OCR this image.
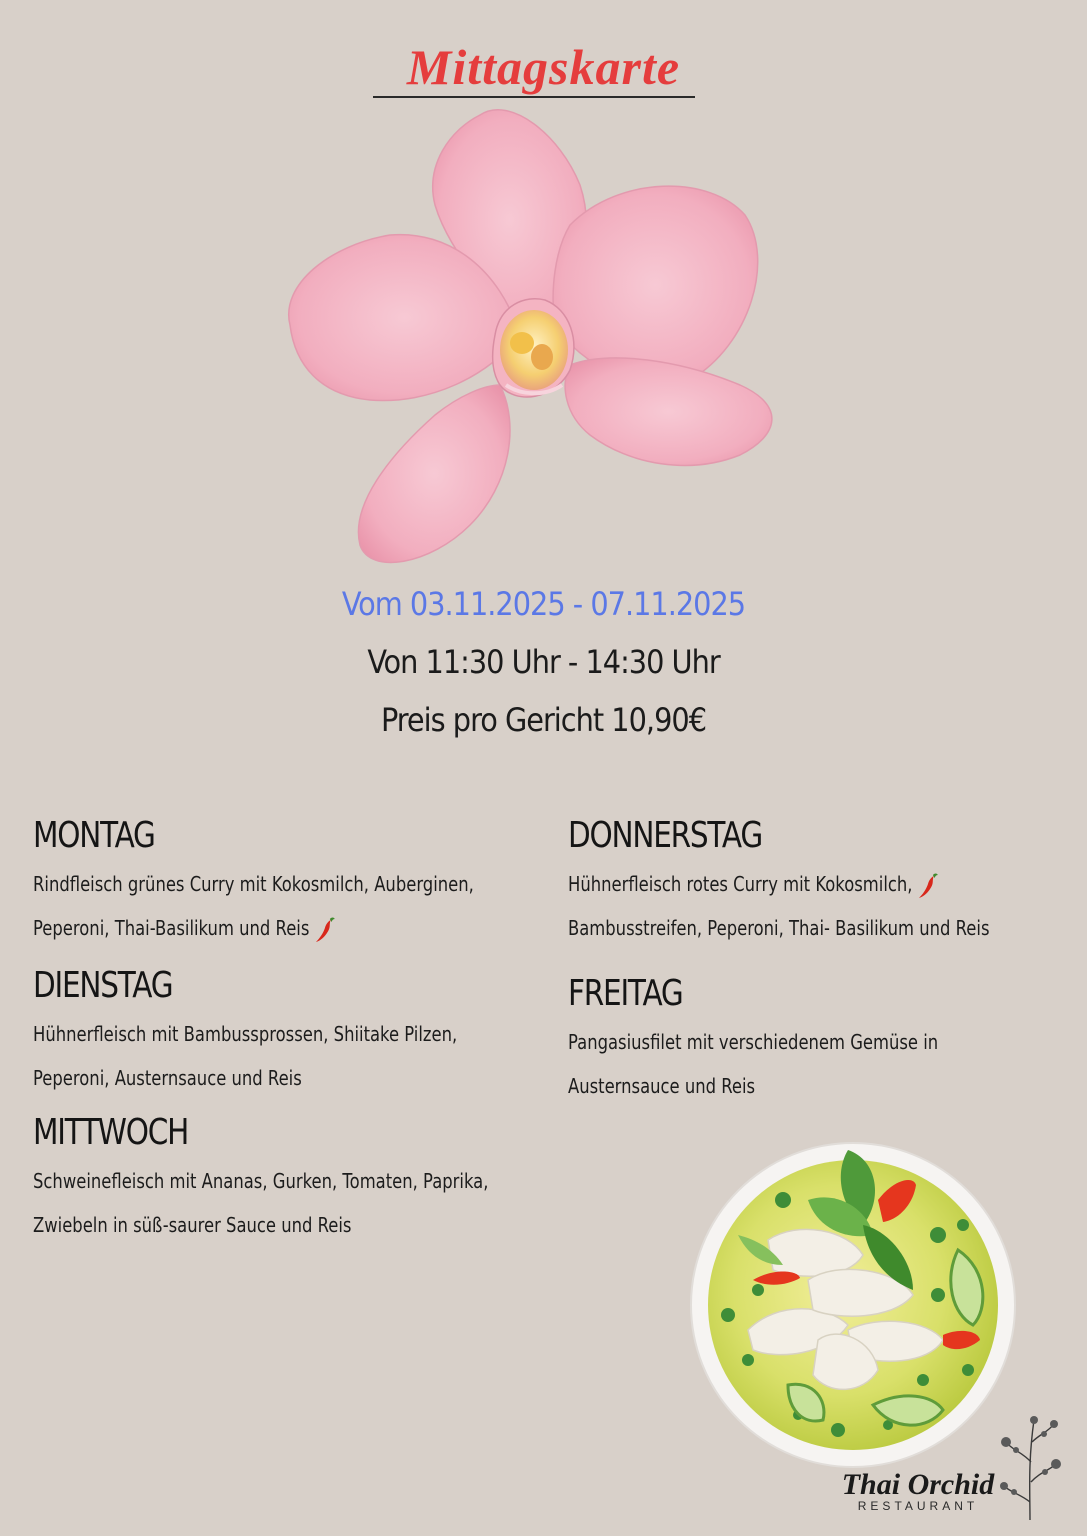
Mittagskarte
Vom 03.11.2025 - 07.11.2025
Von 11:30 Uhr - 14:30 Uhr
Preis pro Gericht 10,90€
MONTAG
Rindfleisch grünes Curry mit Kokosmilch, Auberginen,
Peperoni, Thai-Basilikum und Reis
DIENSTAG
Hühnerfleisch mit Bambussprossen, Shiitake Pilzen,
Peperoni, Austernsauce und Reis
MITTWOCH
Schweinefleisch mit Ananas, Gurken, Tomaten, Paprika,
Zwiebeln in süß-saurer Sauce und Reis
DONNERSTAG
Hühnerfleisch rotes Curry mit Kokosmilch,
Bambusstreifen, Peperoni, Thai- Basilikum und Reis
FREITAG
Pangasiusfilet mit verschiedenem Gemüse in
Austernsauce und Reis
Thai Orchid
RESTAURANT
